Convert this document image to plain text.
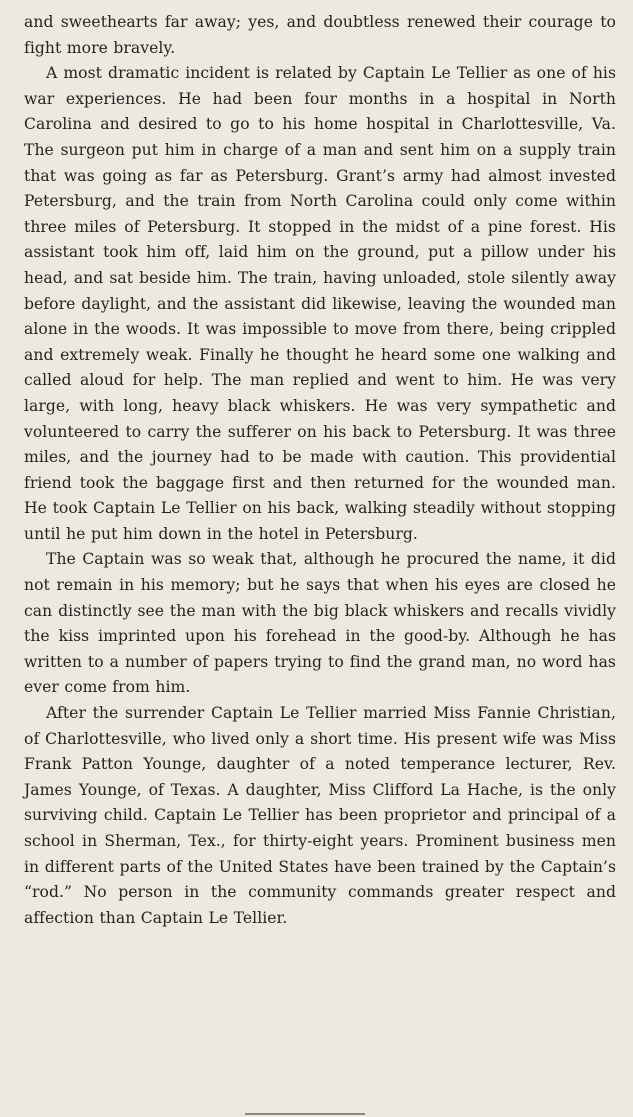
and sweethearts far away; yes, and doubtless renewed their courage to fight more bravely.

A most dramatic incident is related by Captain Le Tellier as one of his war experiences. He had been four months in a hospital in North Carolina and desired to go to his home hospital in Charlottesville, Va. The surgeon put him in charge of a man and sent him on a supply train that was going as far as Petersburg. Grant’s army had almost invested Petersburg, and the train from North Carolina could only come within three miles of Petersburg. It stopped in the midst of a pine forest. His assistant took him off, laid him on the ground, put a pillow under his head, and sat beside him. The train, having unloaded, stole silently away before daylight, and the assistant did likewise, leaving the wounded man alone in the woods. It was impossible to move from there, being crippled and extremely weak. Finally he thought he heard some one walking and called aloud for help. The man replied and went to him. He was very large, with long, heavy black whiskers. He was very sympathetic and volunteered to carry the sufferer on his back to Petersburg. It was three miles, and the journey had to be made with caution. This providential friend took the baggage first and then returned for the wounded man. He took Captain Le Tellier on his back, walking steadily without stopping until he put him down in the hotel in Petersburg.

The Captain was so weak that, although he procured the name, it did not remain in his memory; but he says that when his eyes are closed he can distinctly see the man with the big black whiskers and recalls vividly the kiss imprinted upon his forehead in the good-by. Although he has written to a number of papers trying to find the grand man, no word has ever come from him.

After the surrender Captain Le Tellier married Miss Fannie Christian, of Charlottesville, who lived only a short time. His present wife was Miss Frank Patton Younge, daughter of a noted temperance lecturer, Rev. James Younge, of Texas. A daughter, Miss Clifford La Hache, is the only surviving child. Captain Le Tellier has been proprietor and principal of a school in Sherman, Tex., for thirty-eight years. Prominent business men in different parts of the United States have been trained by the Captain’s “rod.” No person in the community commands greater respect and affection than Captain Le Tellier.
